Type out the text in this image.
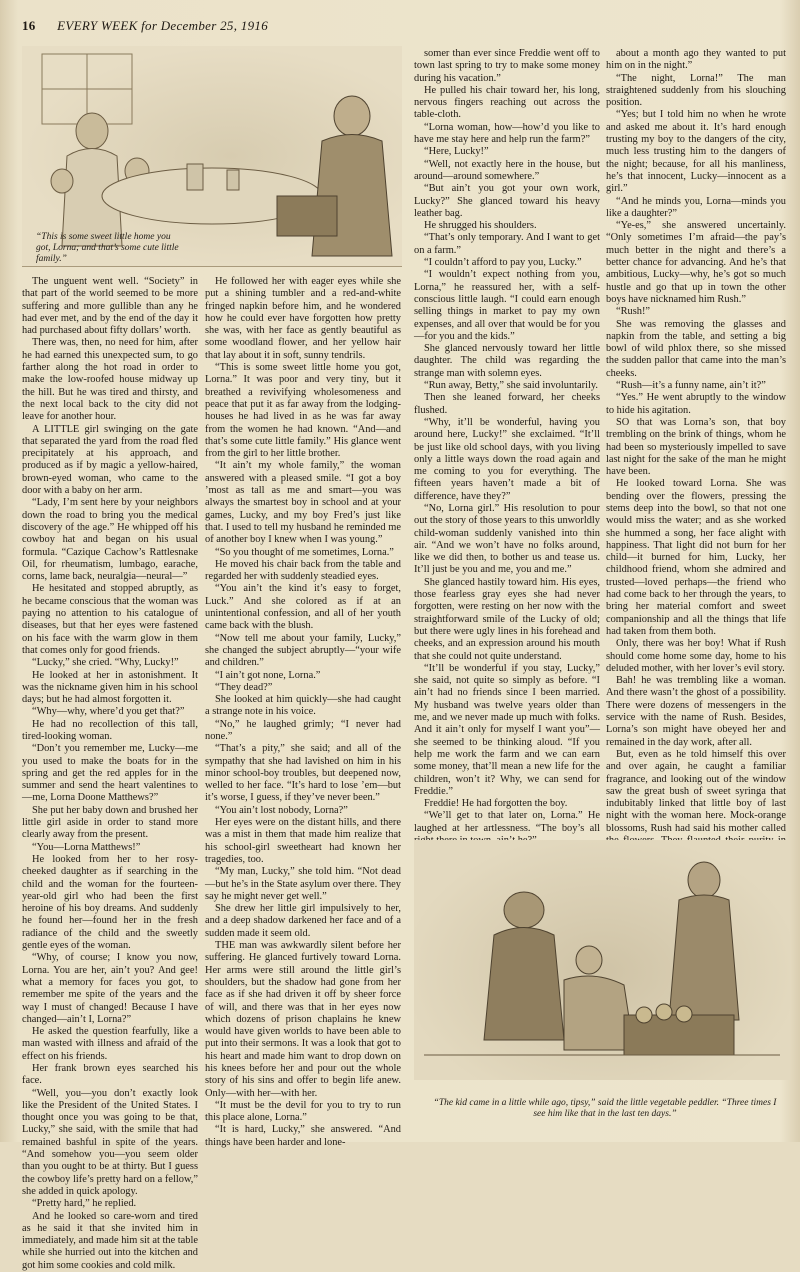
16 EVERY WEEK for December 25, 1916
“This is some sweet little home you got, Lorna; and that’s some cute little family.”

The unguent went well. “Society” in that part of the world seemed to be more suffering and more gullible than any he had ever met, and by the end of the day it had purchased about fifty dollars’ worth.

There was, then, no need for him, after he had earned this unexpected sum, to go farther along the hot road in order to make the low-roofed house midway up the hill. But he was tired and thirsty, and the next local back to the city did not leave for another hour.

A LITTLE girl swinging on the gate that separated the yard from the road fled precipitately at his approach, and produced as if by magic a yellow-haired, brown-eyed woman, who came to the door with a baby on her arm.

“Lady, I’m sent here by your neighbors down the road to bring you the medical discovery of the age.” He whipped off his cowboy hat and began on his usual formula. “Cazique Cachow’s Rattlesnake Oil, for rheumatism, lumbago, earache, corns, lame back, neuralgia—neural—”

He hesitated and stopped abruptly, as he became conscious that the woman was paying no attention to his catalogue of diseases, but that her eyes were fastened on his face with the warm glow in them that comes only for good friends.

“Lucky,” she cried. “Why, Lucky!”

He looked at her in astonishment. It was the nickname given him in his school days; but he had almost forgotten it.

“Why—why, where’d you get that?”

He had no recollection of this tall, tired-looking woman.

“Don’t you remember me, Lucky—me you used to make the boats for in the spring and get the red apples for in the summer and send the heart valentines to—me, Lorna Doone Matthews?”

She put her baby down and brushed her little girl aside in order to stand more clearly away from the present.

“You—Lorna Matthews!”

He looked from her to her rosy-cheeked daughter as if searching in the child and the woman for the fourteen-year-old girl who had been the first heroine of his boy dreams. And suddenly he found her—found her in the fresh radiance of the child and the sweetly gentle eyes of the woman.

“Why, of course; I know you now, Lorna. You are her, ain’t you? And gee! what a memory for faces you got, to remember me spite of the years and the way I must of changed! Because I have changed—ain’t I, Lorna?”

He asked the question fearfully, like a man wasted with illness and afraid of the effect on his friends.

Her frank brown eyes searched his face.

“Well, you—you don’t exactly look like the President of the United States. I thought once you was going to be that, Lucky,” she said, with the smile that had remained bashful in spite of the years. “And somehow you—you seem older than you ought to be at thirty. But I guess the cowboy life’s pretty hard on a fellow,” she added in quick apology.

“Pretty hard,” he replied.

And he looked so care-worn and tired as he said it that she invited him in immediately, and made him sit at the table while she hurried out into the kitchen and got him some cookies and cold milk.

He followed her with eager eyes while she put a shining tumbler and a red-and-white fringed napkin before him, and he wondered how he could ever have forgotten how pretty she was, with her face as gently beautiful as some woodland flower, and her yellow hair that lay about it in soft, sunny tendrils.

“This is some sweet little home you got, Lorna.” It was poor and very tiny, but it breathed a revivifying wholesomeness and peace that put it as far away from the lodging-houses he had lived in as he was far away from the women he had known. “And—and that’s some cute little family.” His glance went from the girl to her little brother.

“It ain’t my whole family,” the woman answered with a pleased smile. “I got a boy ’most as tall as me and smart—you was always the smartest boy in school and at your games, Lucky, and my boy Fred’s just like that. I used to tell my husband he reminded me of another boy I knew when I was young.”

“So you thought of me sometimes, Lorna.”

He moved his chair back from the table and regarded her with suddenly steadied eyes.

“You ain’t the kind it’s easy to forget, Luck.” And she colored as if at an unintentional confession, and all of her youth came back with the blush.

“Now tell me about your family, Lucky,” she changed the subject abruptly—“your wife and children.”

“I ain’t got none, Lorna.”

“They dead?”

She looked at him quickly—she had caught a strange note in his voice.

“No,” he laughed grimly; “I never had none.”

“That’s a pity,” she said; and all of the sympathy that she had lavished on him in his minor school-boy troubles, but deepened now, welled to her face. “It’s hard to lose ’em—but it’s worse, I guess, if they’ve never been.”

“You ain’t lost nobody, Lorna?”

Her eyes were on the distant hills, and there was a mist in them that made him realize that his school-girl sweetheart had known her tragedies, too.

“My man, Lucky,” she told him. “Not dead—but he’s in the State asylum over there. They say he might never get well.”

She drew her little girl impulsively to her, and a deep shadow darkened her face and of a sudden made it seem old.

THE man was awkwardly silent before her suffering. He glanced furtively toward Lorna. Her arms were still around the little girl’s shoulders, but the shadow had gone from her face as if she had driven it off by sheer force of will, and there was that in her eyes now which dozens of prison chaplains he knew would have given worlds to have been able to put into their sermons. It was a look that got to his heart and made him want to drop down on his knees before her and pour out the whole story of his sins and offer to begin life anew. Only—with her—with her.

“It must be the devil for you to try to run this place alone, Lorna.”

“It is hard, Lucky,” she answered. “And things have been harder and lone-

somer than ever since Freddie went off to town last spring to try to make some money during his vacation.”

He pulled his chair toward her, his long, nervous fingers reaching out across the table-cloth.

“Lorna woman, how—how’d you like to have me stay here and help run the farm?”

“Here, Lucky!”

“Well, not exactly here in the house, but around—around somewhere.”

“But ain’t you got your own work, Lucky?” She glanced toward his heavy leather bag.

He shrugged his shoulders.

“That’s only temporary. And I want to get on a farm.”

“I couldn’t afford to pay you, Lucky.”

“I wouldn’t expect nothing from you, Lorna,” he reassured her, with a self-conscious little laugh. “I could earn enough selling things in market to pay my own expenses, and all over that would be for you—for you and the kids.”

She glanced nervously toward her little daughter. The child was regarding the strange man with solemn eyes.

“Run away, Betty,” she said involuntarily.

Then she leaned forward, her cheeks flushed.

“Why, it’ll be wonderful, having you around here, Lucky!” she exclaimed. “It’ll be just like old school days, with you living only a little ways down the road again and me coming to you for everything. The fifteen years haven’t made a bit of difference, have they?”

“No, Lorna girl.” His resolution to pour out the story of those years to this unworldly child-woman suddenly vanished into thin air. “And we won’t have no folks around, like we did then, to bother us and tease us. It’ll just be you and me, you and me.”

She glanced hastily toward him. His eyes, those fearless gray eyes she had never forgotten, were resting on her now with the straightforward smile of the Lucky of old; but there were ugly lines in his forehead and cheeks, and an expression around his mouth that she could not quite understand.

“It’ll be wonderful if you stay, Lucky,” she said, not quite so simply as before. “I ain’t had no friends since I been married. My husband was twelve years older than me, and we never made up much with folks. And it ain’t only for myself I want you”—she seemed to be thinking aloud. “If you help me work the farm and we can earn some money, that’ll mean a new life for the children, won’t it? Why, we can send for Freddie.”

Freddie! He had forgotten the boy.

“We’ll get to that later on, Lorna.” He laughed at her artlessness. “The boy’s all

about a month ago they wanted to put him on in the night.”

“The night, Lorna!” The man straightened suddenly from his slouching position.

“Yes; but I told him no when he wrote and asked me about it. It’s hard enough trusting my boy to the dangers of the city, much less trusting him to the dangers of the night; because, for all his manliness, he’s that innocent, Lucky—innocent as a girl.”

“And he minds you, Lorna—minds you like a daughter?”

“Ye-es,” she answered uncertainly. “Only sometimes I’m afraid—the pay’s much better in the night and there’s a better chance for advancing. And he’s that ambitious, Lucky—why, he’s got so much hustle and go that up in town the other boys have nicknamed him Rush.”

“Rush!”

She was removing the glasses and napkin from the table, and setting a big bowl of wild phlox there, so she missed the sudden pallor that came into the man’s cheeks.

“Rush—it’s a funny name, ain’t it?”

“Yes.” He went abruptly to the window to hide his agitation.

SO that was Lorna’s son, that boy trembling on the brink of things, whom he had been so mysteriously impelled to save last night for the sake of the man he might have been.

He looked toward Lorna. She was bending over the flowers, pressing the stems deep into the bowl, so that not one would miss the water; and as she worked she hummed a song, her face alight with happiness. That light did not burn for her child—it burned for him, Lucky, her childhood friend, whom she admired and trusted—loved perhaps—the friend who had come back to her through the years, to bring her material comfort and sweet companionship and all the things that life had taken from them both.

Only, there was her boy! What if Rush should come home some day, home to his deluded mother, with her lover’s evil story.

Bah! he was trembling like a woman. And there wasn’t the ghost of a possibility. There were dozens of messengers in the service with the name of Rush. Besides, Lorna’s son might have obeyed her and remained in the day work, after all.

But, even as he told himself this over and over again, he caught a familiar fragrance, and looking out of the window saw the great bush of sweet syringa that indubitably linked that little boy of last night with the woman here. Mock-orange blossoms, Rush had said his mother called

“The kid came in a little while ago, tipsy,” said the little vegetable peddler. “Three times I see him like that in the last ten days.”
